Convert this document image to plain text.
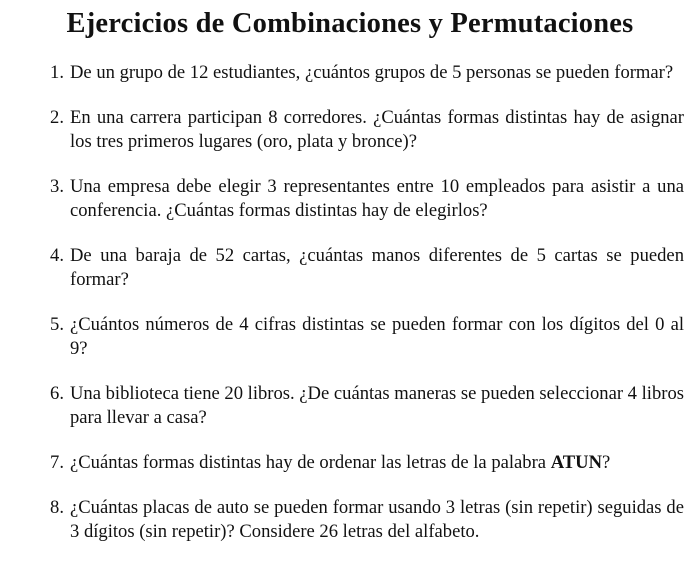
Ejercicios de Combinaciones y Permutaciones
1. De un grupo de 12 estudiantes, ¿cuántos grupos de 5 personas se pueden formar?
2. En una carrera participan 8 corredores. ¿Cuántas formas distintas hay de asignar los tres primeros lugares (oro, plata y bronce)?
3. Una empresa debe elegir 3 representantes entre 10 empleados para asistir a una conferencia. ¿Cuántas formas distintas hay de elegirlos?
4. De una baraja de 52 cartas, ¿cuántas manos diferentes de 5 cartas se pueden formar?
5. ¿Cuántos números de 4 cifras distintas se pueden formar con los dígitos del 0 al 9?
6. Una biblioteca tiene 20 libros. ¿De cuántas maneras se pueden seleccionar 4 libros para llevar a casa?
7. ¿Cuántas formas distintas hay de ordenar las letras de la palabra ATUN?
8. ¿Cuántas placas de auto se pueden formar usando 3 letras (sin repetir) seguidas de 3 dígitos (sin repetir)? Considere 26 letras del alfabeto.
